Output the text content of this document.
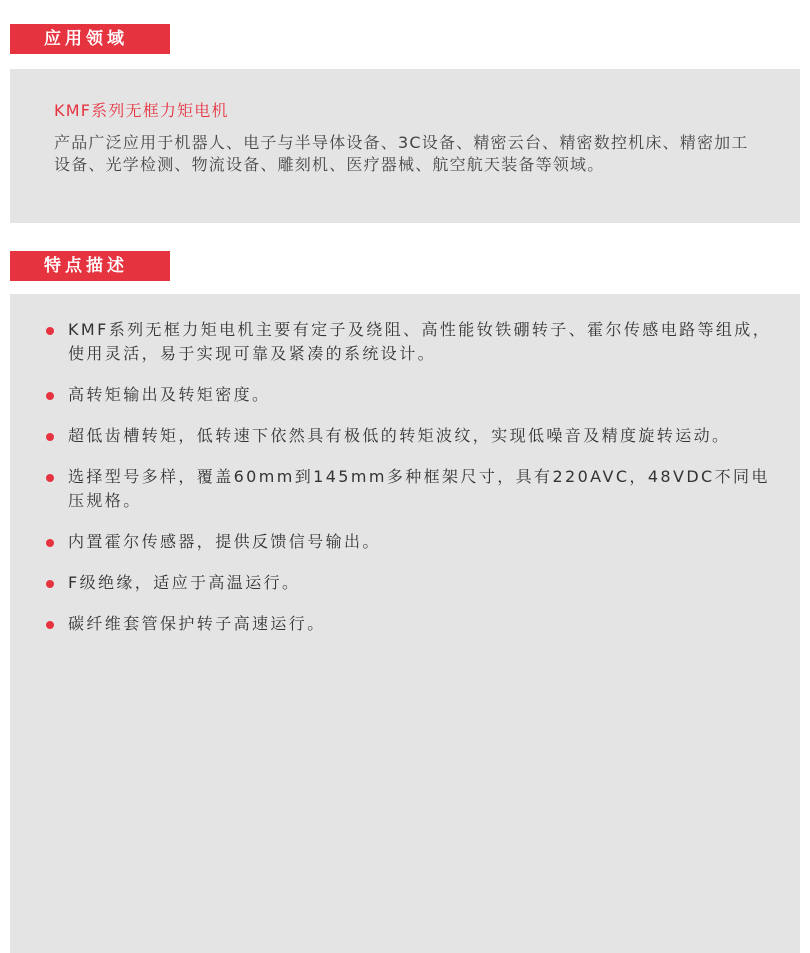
应用领域
KMF系列无框力矩电机

产品广泛应用于机器人、电子与半导体设备、3C设备、精密云台、精密数控机床、精密加工设备、光学检测、物流设备、雕刻机、医疗器械、航空航天装备等领域。

特点描述
KMF系列无框力矩电机主要有定子及绕阻、高性能钕铁硼转子、霍尔传感电路等组成，使用灵活，易于实现可靠及紧凑的系统设计。
高转矩输出及转矩密度。
超低齿槽转矩，低转速下依然具有极低的转矩波纹，实现低噪音及精度旋转运动。
选择型号多样，覆盖60mm到145mm多种框架尺寸，具有220AVC，48VDC不同电压规格。
内置霍尔传感器，提供反馈信号输出。
F级绝缘，适应于高温运行。
碳纤维套管保护转子高速运行。
